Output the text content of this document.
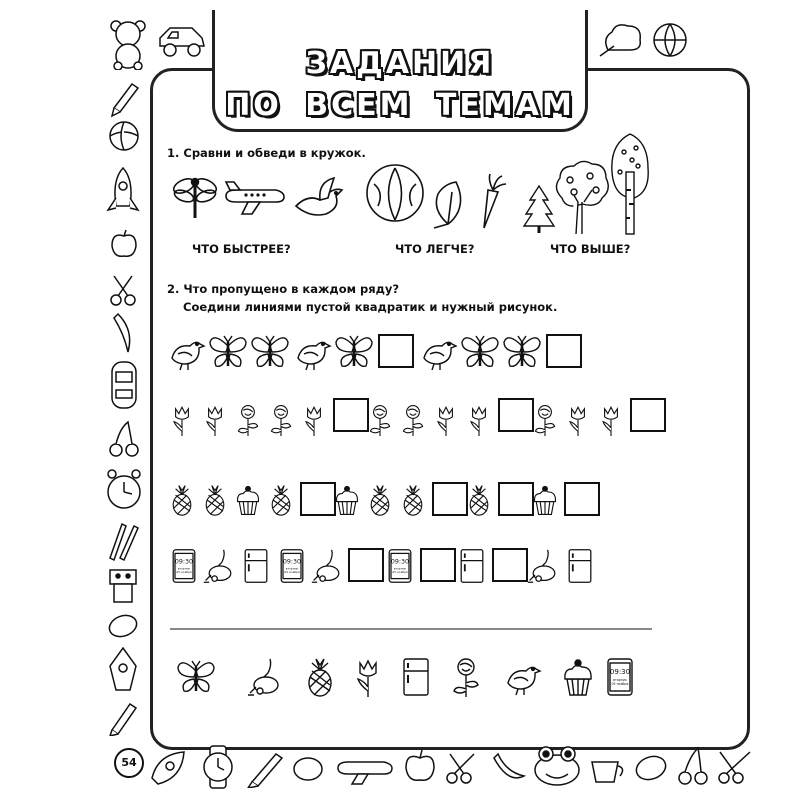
ЗАДАНИЯ
ПО ВСЕМ ТЕМАМ
1. Сравни и обведи в кружок.
ЧТО БЫСТРЕЕ?	ЧТО ЛЕГЧЕ?	ЧТО ВЫШЕ?
2. Что пропущено в каждом ряду?
Соедини линиями пустой квадратик и нужный рисунок.
09:30
вторник
05 ноября
09:30
вторник
05 ноября
09:30
вторник
05 ноября
09:30
вторник
05 ноября
54
